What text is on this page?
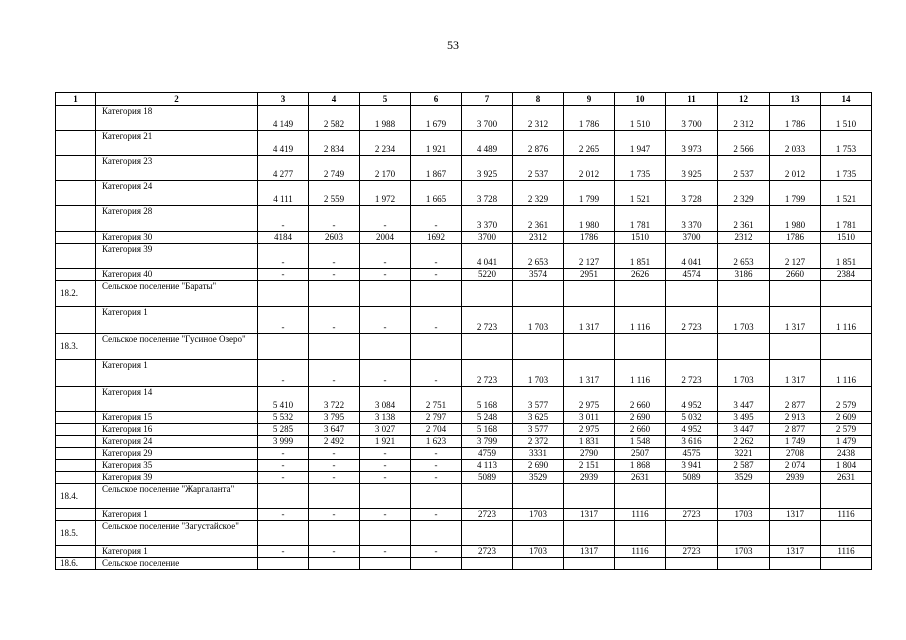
53
1	2	3	4	5	6	7	8	9	10	11	12	13	14
	Категория 18	4 149	2 582	1 988	1 679	3 700	2 312	1 786	1 510	3 700	2 312	1 786	1 510
	Категория 21	4 419	2 834	2 234	1 921	4 489	2 876	2 265	1 947	3 973	2 566	2 033	1 753
	Категория 23	4 277	2 749	2 170	1 867	3 925	2 537	2 012	1 735	3 925	2 537	2 012	1 735
	Категория 24	4 111	2 559	1 972	1 665	3 728	2 329	1 799	1 521	3 728	2 329	1 799	1 521
	Категория 28	-	-	-	-	3 370	2 361	1 980	1 781	3 370	2 361	1 980	1 781
	Категория 30	4184	2603	2004	1692	3700	2312	1786	1510	3700	2312	1786	1510
	Категория 39	-	-	-	-	4 041	2 653	2 127	1 851	4 041	2 653	2 127	1 851
	Категория 40	-	-	-	-	5220	3574	2951	2626	4574	3186	2660	2384
18.2.	Сельское поселение "Бараты"												
	Категория 1	-	-	-	-	2 723	1 703	1 317	1 116	2 723	1 703	1 317	1 116
18.3.	Сельское поселение "Гусиное Озеро"												
	Категория 1	-	-	-	-	2 723	1 703	1 317	1 116	2 723	1 703	1 317	1 116
	Категория 14	5 410	3 722	3 084	2 751	5 168	3 577	2 975	2 660	4 952	3 447	2 877	2 579
	Категория 15	5 532	3 795	3 138	2 797	5 248	3 625	3 011	2 690	5 032	3 495	2 913	2 609
	Категория 16	5 285	3 647	3 027	2 704	5 168	3 577	2 975	2 660	4 952	3 447	2 877	2 579
	Категория 24	3 999	2 492	1 921	1 623	3 799	2 372	1 831	1 548	3 616	2 262	1 749	1 479
	Категория 29	-	-	-	-	4759	3331	2790	2507	4575	3221	2708	2438
	Категория 35	-	-	-	-	4 113	2 690	2 151	1 868	3 941	2 587	2 074	1 804
	Категория 39	-	-	-	-	5089	3529	2939	2631	5089	3529	2939	2631
18.4.	Сельское поселение "Жаргаланта"												
	Категория 1	-	-	-	-	2723	1703	1317	1116	2723	1703	1317	1116
18.5.	Сельское поселение "Загустайское"												
	Категория 1	-	-	-	-	2723	1703	1317	1116	2723	1703	1317	1116
18.6.	Сельское поселение												
